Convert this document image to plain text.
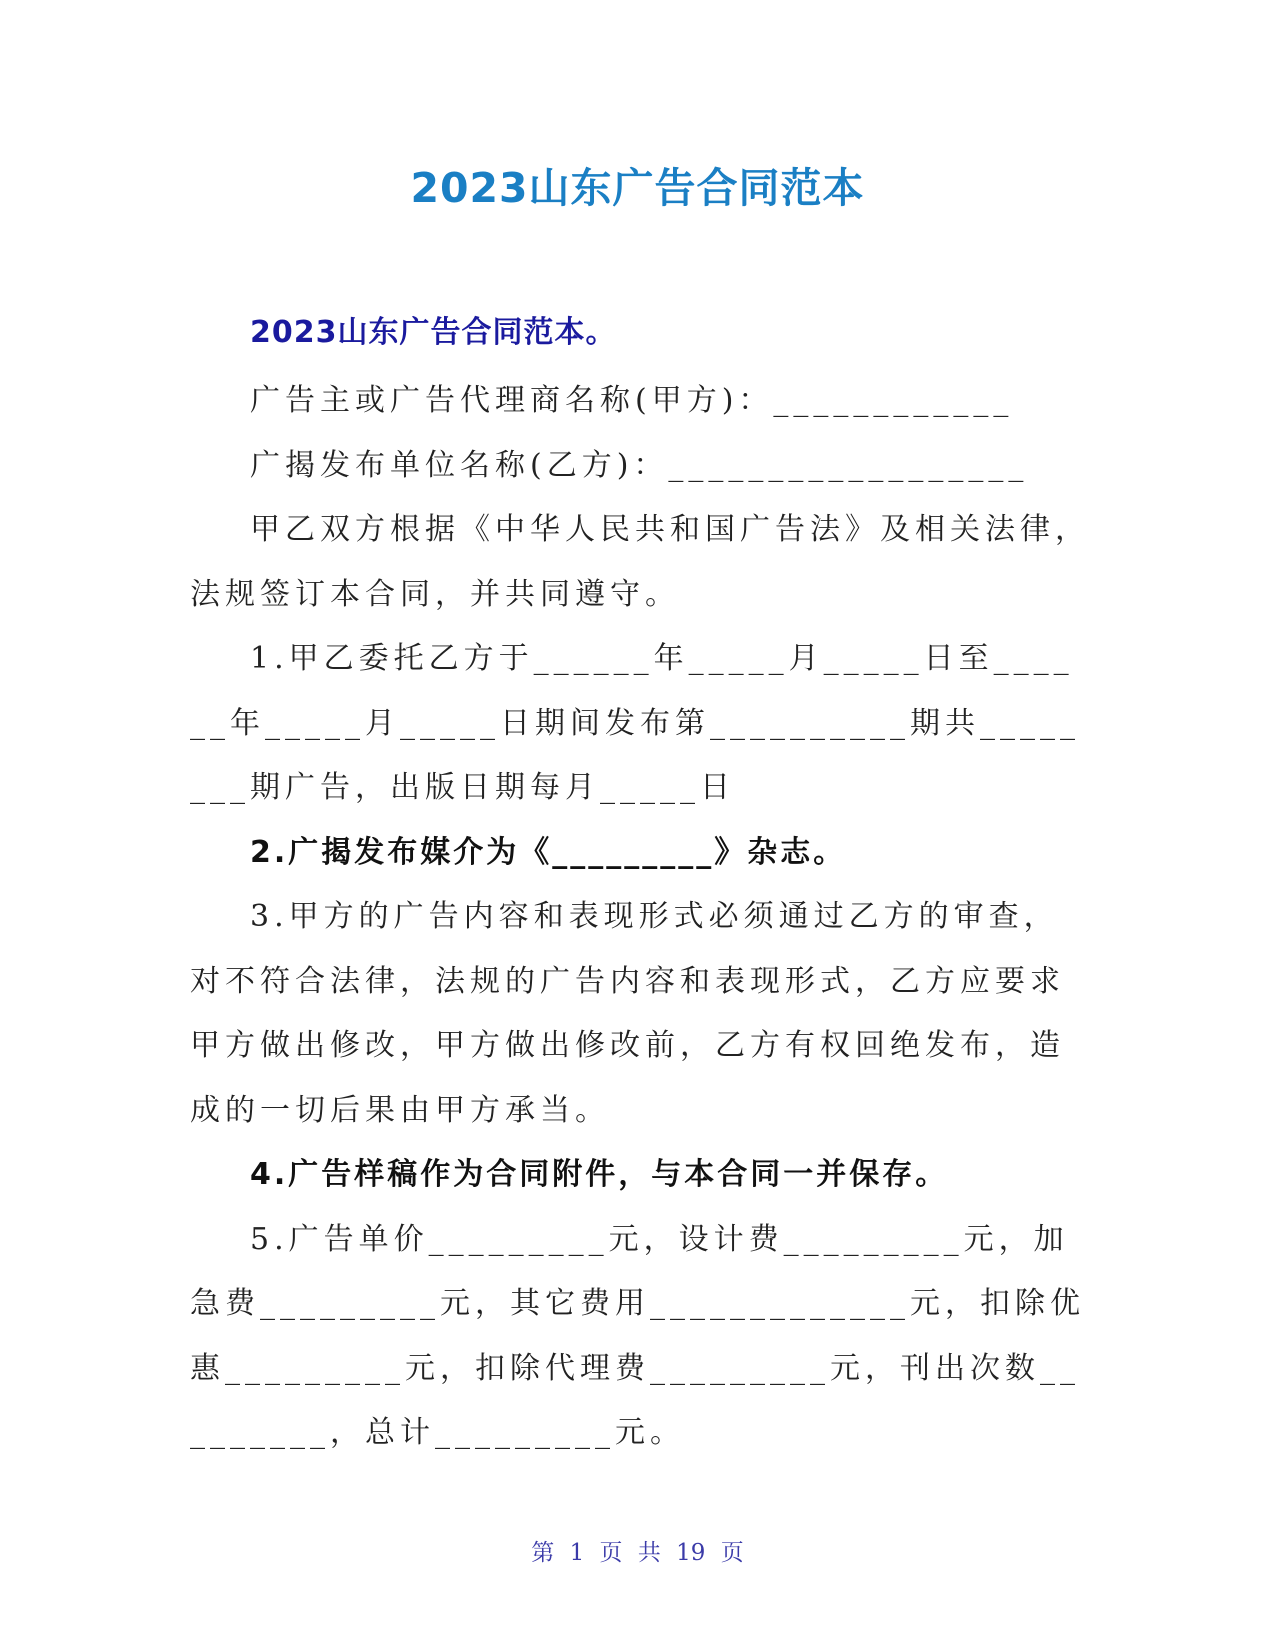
2023山东广告合同范本
2023山东广告合同范本。

广告主或广告代理商名称(甲方)：____________

广揭发布单位名称(乙方)：__________________

甲乙双方根据《中华人民共和国广告法》及相关法律，法规签订本合同，并共同遵守。

1.甲乙委托乙方于______年_____月_____日至______年_____月_____日期间发布第__________期共________期广告，出版日期每月_____日

2.广揭发布媒介为《_________》杂志。

3.甲方的广告内容和表现形式必须通过乙方的审查，对不符合法律，法规的广告内容和表现形式，乙方应要求甲方做出修改，甲方做出修改前，乙方有权回绝发布，造成的一切后果由甲方承当。

4.广告样稿作为合同附件，与本合同一并保存。

5.广告单价_________元，设计费_________元，加急费_________元，其它费用_____________元，扣除优惠_________元，扣除代理费_________元，刊出次数_________，总计_________元。

第 1 页 共 19 页
